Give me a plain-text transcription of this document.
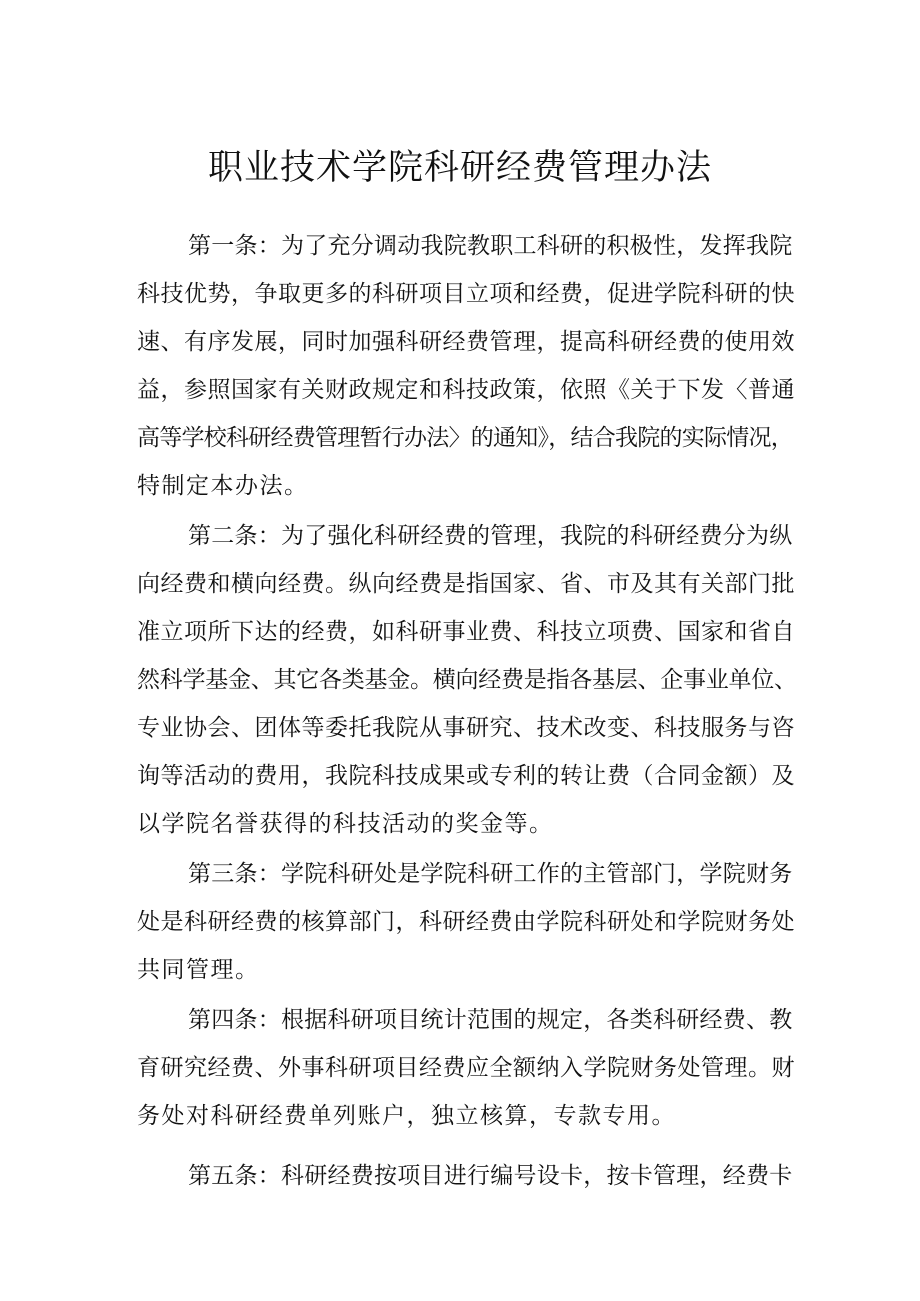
职业技术学院科研经费管理办法
第一条：为了充分调动我院教职工科研的积极性，发挥我院
科技优势，争取更多的科研项目立项和经费，促进学院科研的快
速、有序发展，同时加强科研经费管理，提高科研经费的使用效
益，参照国家有关财政规定和科技政策，依照《关于下发〈普通
高等学校科研经费管理暂行办法〉的通知》，结合我院的实际情况，
特制定本办法。
第二条：为了强化科研经费的管理，我院的科研经费分为纵
向经费和横向经费。纵向经费是指国家、省、市及其有关部门批
准立项所下达的经费，如科研事业费、科技立项费、国家和省自
然科学基金、其它各类基金。横向经费是指各基层、企事业单位、
专业协会、团体等委托我院从事研究、技术改变、科技服务与咨
询等活动的费用，我院科技成果或专利的转让费（合同金额）及
以学院名誉获得的科技活动的奖金等。
第三条：学院科研处是学院科研工作的主管部门，学院财务
处是科研经费的核算部门，科研经费由学院科研处和学院财务处
共同管理。
第四条：根据科研项目统计范围的规定，各类科研经费、教
育研究经费、外事科研项目经费应全额纳入学院财务处管理。财
务处对科研经费单列账户，独立核算，专款专用。
第五条：科研经费按项目进行编号设卡，按卡管理，经费卡
